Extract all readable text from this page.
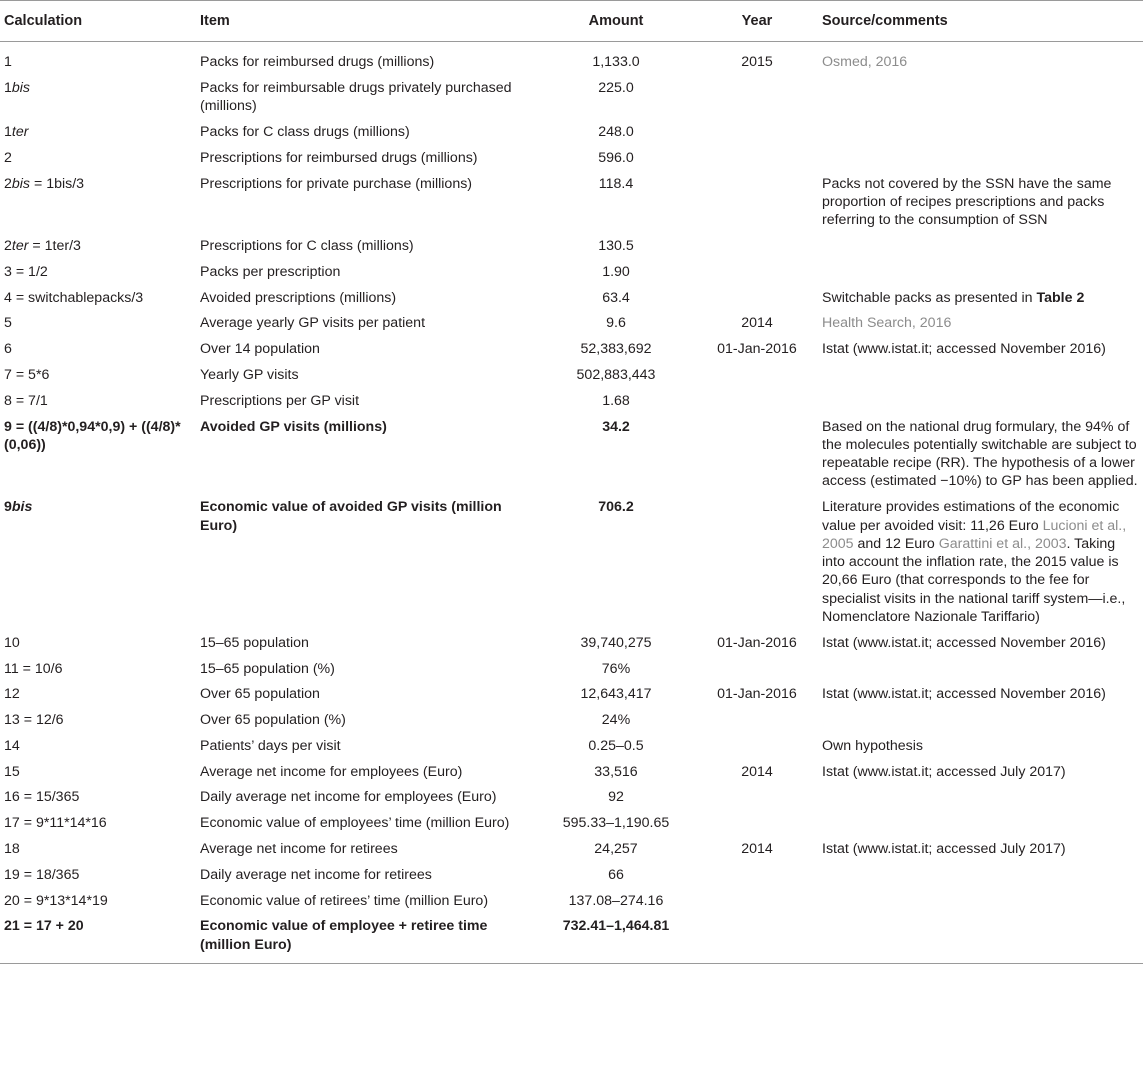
Calculation	Item	Amount	Year	Source/comments
1	Packs for reimbursed drugs (millions)	1,133.0	2015	Osmed, 2016
1bis	Packs for reimbursable drugs privately purchased (millions)	225.0		
1ter	Packs for C class drugs (millions)	248.0		
2	Prescriptions for reimbursed drugs (millions)	596.0		
2bis = 1bis/3	Prescriptions for private purchase (millions)	118.4		Packs not covered by the SSN have the same proportion of recipes prescriptions and packs referring to the consumption of SSN
2ter = 1ter/3	Prescriptions for C class (millions)	130.5		
3 = 1/2	Packs per prescription	1.90		
4 = switchablepacks/3	Avoided prescriptions (millions)	63.4		Switchable packs as presented in Table 2
5	Average yearly GP visits per patient	9.6	2014	Health Search, 2016
6	Over 14 population	52,383,692	01-Jan-2016	Istat (www.istat.it; accessed November 2016)
7 = 5*6	Yearly GP visits	502,883,443		
8 = 7/1	Prescriptions per GP visit	1.68		
9 = ((4/8)*0,94*0,9) + ((4/8)*(0,06))	Avoided GP visits (millions)	34.2		Based on the national drug formulary, the 94% of the molecules potentially switchable are subject to repeatable recipe (RR). The hypothesis of a lower access (estimated −10%) to GP has been applied.
9bis	Economic value of avoided GP visits (million Euro)	706.2		Literature provides estimations of the economic value per avoided visit: 11,26 Euro Lucioni et al., 2005 and 12 Euro Garattini et al., 2003. Taking into account the inflation rate, the 2015 value is 20,66 Euro (that corresponds to the fee for specialist visits in the national tariff system—i.e., Nomenclatore Nazionale Tariffario)
10	15–65 population	39,740,275	01-Jan-2016	Istat (www.istat.it; accessed November 2016)
11 = 10/6	15–65 population (%)	76%		
12	Over 65 population	12,643,417	01-Jan-2016	Istat (www.istat.it; accessed November 2016)
13 = 12/6	Over 65 population (%)	24%		
14	Patients’ days per visit	0.25–0.5		Own hypothesis
15	Average net income for employees (Euro)	33,516	2014	Istat (www.istat.it; accessed July 2017)
16 = 15/365	Daily average net income for employees (Euro)	92		
17 = 9*11*14*16	Economic value of employees’ time (million Euro)	595.33–1,190.65		
18	Average net income for retirees	24,257	2014	Istat (www.istat.it; accessed July 2017)
19 = 18/365	Daily average net income for retirees	66		
20 = 9*13*14*19	Economic value of retirees’ time (million Euro)	137.08–274.16		
21 = 17 + 20	Economic value of employee + retiree time (million Euro)	732.41–1,464.81		
